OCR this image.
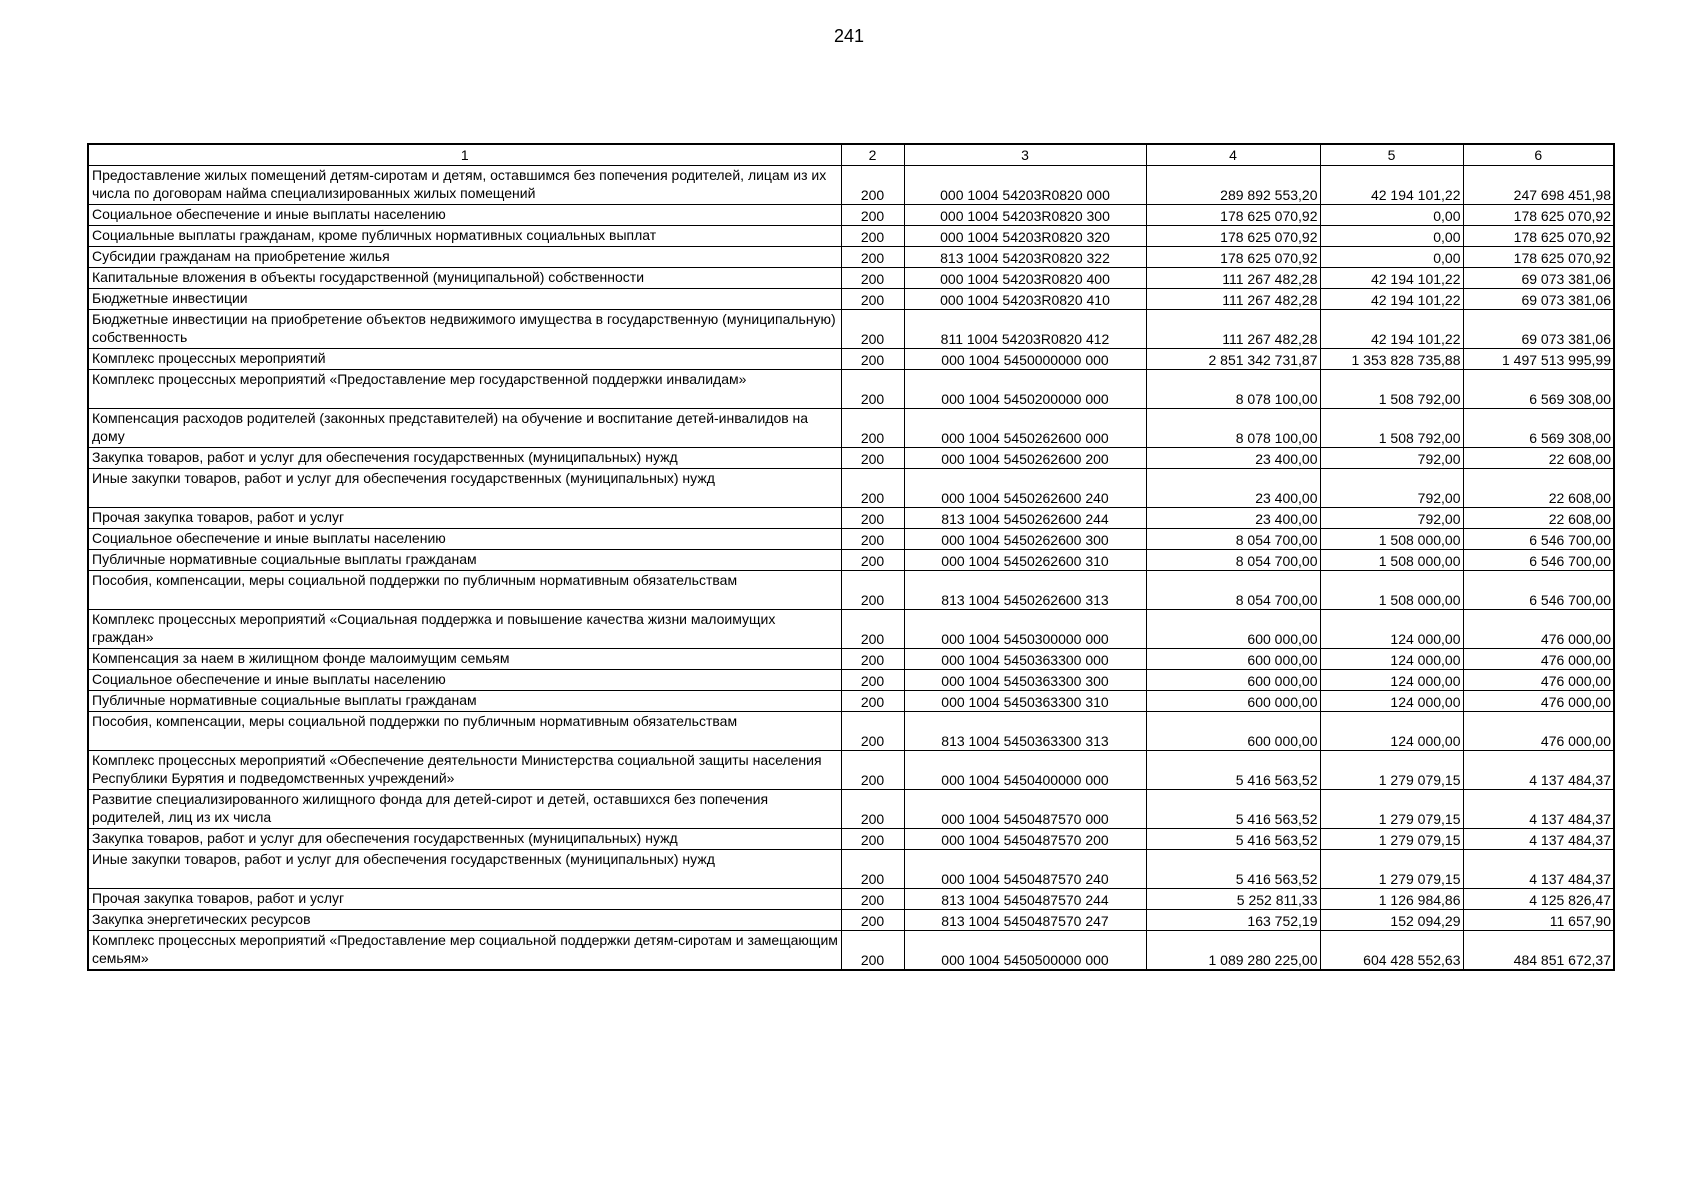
241
1	2	3	4	5	6
Предоставление жилых помещений детям-сиротам и детям, оставшимся без попечения родителей, лицам из их числа по договорам найма специализированных жилых помещений	200	000 1004 54203R0820 000	289 892 553,20	42 194 101,22	247 698 451,98
Социальное обеспечение и иные выплаты населению	200	000 1004 54203R0820 300	178 625 070,92	0,00	178 625 070,92
Социальные выплаты гражданам, кроме публичных нормативных социальных выплат	200	000 1004 54203R0820 320	178 625 070,92	0,00	178 625 070,92
Субсидии гражданам на приобретение жилья	200	813 1004 54203R0820 322	178 625 070,92	0,00	178 625 070,92
Капитальные вложения в объекты государственной (муниципальной) собственности	200	000 1004 54203R0820 400	111 267 482,28	42 194 101,22	69 073 381,06
Бюджетные инвестиции	200	000 1004 54203R0820 410	111 267 482,28	42 194 101,22	69 073 381,06
Бюджетные инвестиции на приобретение объектов недвижимого имущества в государственную (муниципальную) собственность	200	811 1004 54203R0820 412	111 267 482,28	42 194 101,22	69 073 381,06
Комплекс процессных мероприятий	200	000 1004 5450000000 000	2 851 342 731,87	1 353 828 735,88	1 497 513 995,99
Комплекс процессных мероприятий «Предоставление мер государственной поддержки инвалидам»	200	000 1004 5450200000 000	8 078 100,00	1 508 792,00	6 569 308,00
Компенсация расходов родителей (законных представителей) на обучение и воспитание детей-инвалидов на дому	200	000 1004 5450262600 000	8 078 100,00	1 508 792,00	6 569 308,00
Закупка товаров, работ и услуг для обеспечения государственных (муниципальных) нужд	200	000 1004 5450262600 200	23 400,00	792,00	22 608,00
Иные закупки товаров, работ и услуг для обеспечения государственных (муниципальных) нужд	200	000 1004 5450262600 240	23 400,00	792,00	22 608,00
Прочая закупка товаров, работ и услуг	200	813 1004 5450262600 244	23 400,00	792,00	22 608,00
Социальное обеспечение и иные выплаты населению	200	000 1004 5450262600 300	8 054 700,00	1 508 000,00	6 546 700,00
Публичные нормативные социальные выплаты гражданам	200	000 1004 5450262600 310	8 054 700,00	1 508 000,00	6 546 700,00
Пособия, компенсации, меры социальной поддержки по публичным нормативным обязательствам	200	813 1004 5450262600 313	8 054 700,00	1 508 000,00	6 546 700,00
Комплекс процессных мероприятий «Социальная поддержка и повышение качества жизни малоимущих граждан»	200	000 1004 5450300000 000	600 000,00	124 000,00	476 000,00
Компенсация за наем в жилищном фонде малоимущим семьям	200	000 1004 5450363300 000	600 000,00	124 000,00	476 000,00
Социальное обеспечение и иные выплаты населению	200	000 1004 5450363300 300	600 000,00	124 000,00	476 000,00
Публичные нормативные социальные выплаты гражданам	200	000 1004 5450363300 310	600 000,00	124 000,00	476 000,00
Пособия, компенсации, меры социальной поддержки по публичным нормативным обязательствам	200	813 1004 5450363300 313	600 000,00	124 000,00	476 000,00
Комплекс процессных мероприятий «Обеспечение деятельности Министерства социальной защиты населения Республики Бурятия и подведомственных учреждений»	200	000 1004 5450400000 000	5 416 563,52	1 279 079,15	4 137 484,37
Развитие специализированного жилищного фонда для детей-сирот и детей, оставшихся без попечения родителей, лиц из их числа	200	000 1004 5450487570 000	5 416 563,52	1 279 079,15	4 137 484,37
Закупка товаров, работ и услуг для обеспечения государственных (муниципальных) нужд	200	000 1004 5450487570 200	5 416 563,52	1 279 079,15	4 137 484,37
Иные закупки товаров, работ и услуг для обеспечения государственных (муниципальных) нужд	200	000 1004 5450487570 240	5 416 563,52	1 279 079,15	4 137 484,37
Прочая закупка товаров, работ и услуг	200	813 1004 5450487570 244	5 252 811,33	1 126 984,86	4 125 826,47
Закупка энергетических ресурсов	200	813 1004 5450487570 247	163 752,19	152 094,29	11 657,90
Комплекс процессных мероприятий «Предоставление мер социальной поддержки детям-сиротам и замещающим семьям»	200	000 1004 5450500000 000	1 089 280 225,00	604 428 552,63	484 851 672,37
